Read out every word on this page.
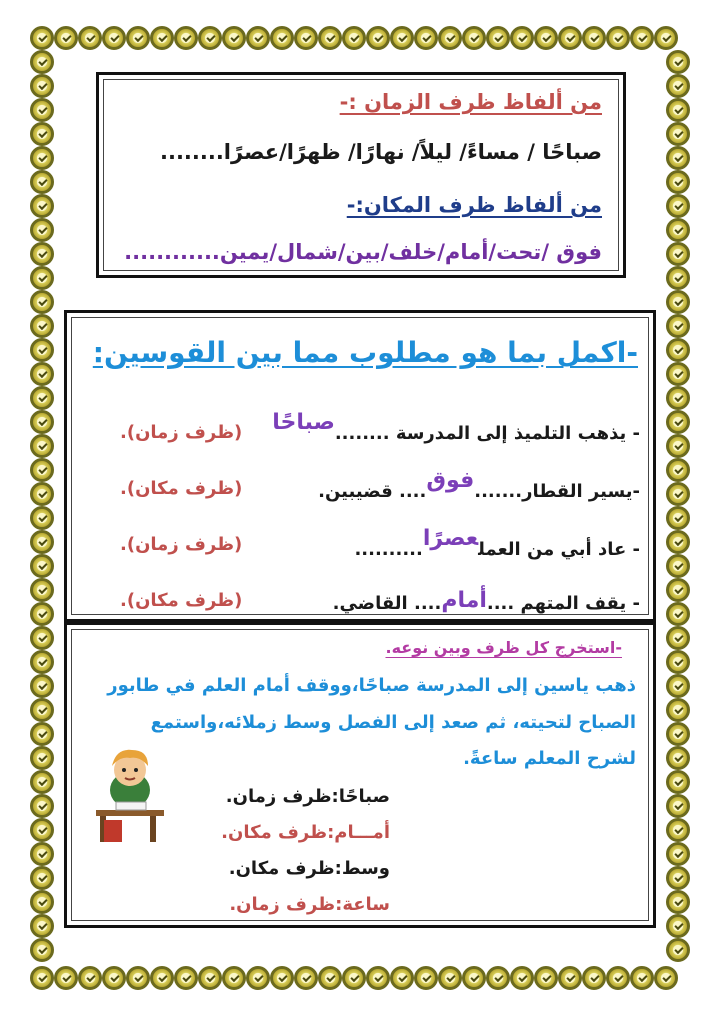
من ألفاظ ظرف الزمان :-
صباحًا / مساءً/ ليلاً/ نهارًا/ ظهرًا/عصرًا........
من ألفاظ ظرف المكان:-
فوق /تحت/أمام/خلف/بين/شمال/يمين............
-اكمل بما هو مطلوب مما بين القوسين:
- يذهب التلميذ إلى المدرسة ........صباحًا
(ظرف زمان).
-يسير القطار.......فوق.... قضيبين.
(ظرف مكان).
- عاد أبي من العملعصرًا..........
(ظرف زمان).
- يقف المتهم ....أمام.... القاضي.
(ظرف مكان).
-استخرج كل ظرف وبين نوعه.
ذهب ياسين إلى المدرسة صباحًا،ووقف أمام العلم في طابور
الصباح لتحيته، ثم صعد إلى الفصل وسط زملائه،واستمع
لشرح المعلم ساعةً.
صباحًا:ظرف زمان.
أمـــام:ظرف مكان.
وسط:ظرف مكان.
ساعة:ظرف زمان.
